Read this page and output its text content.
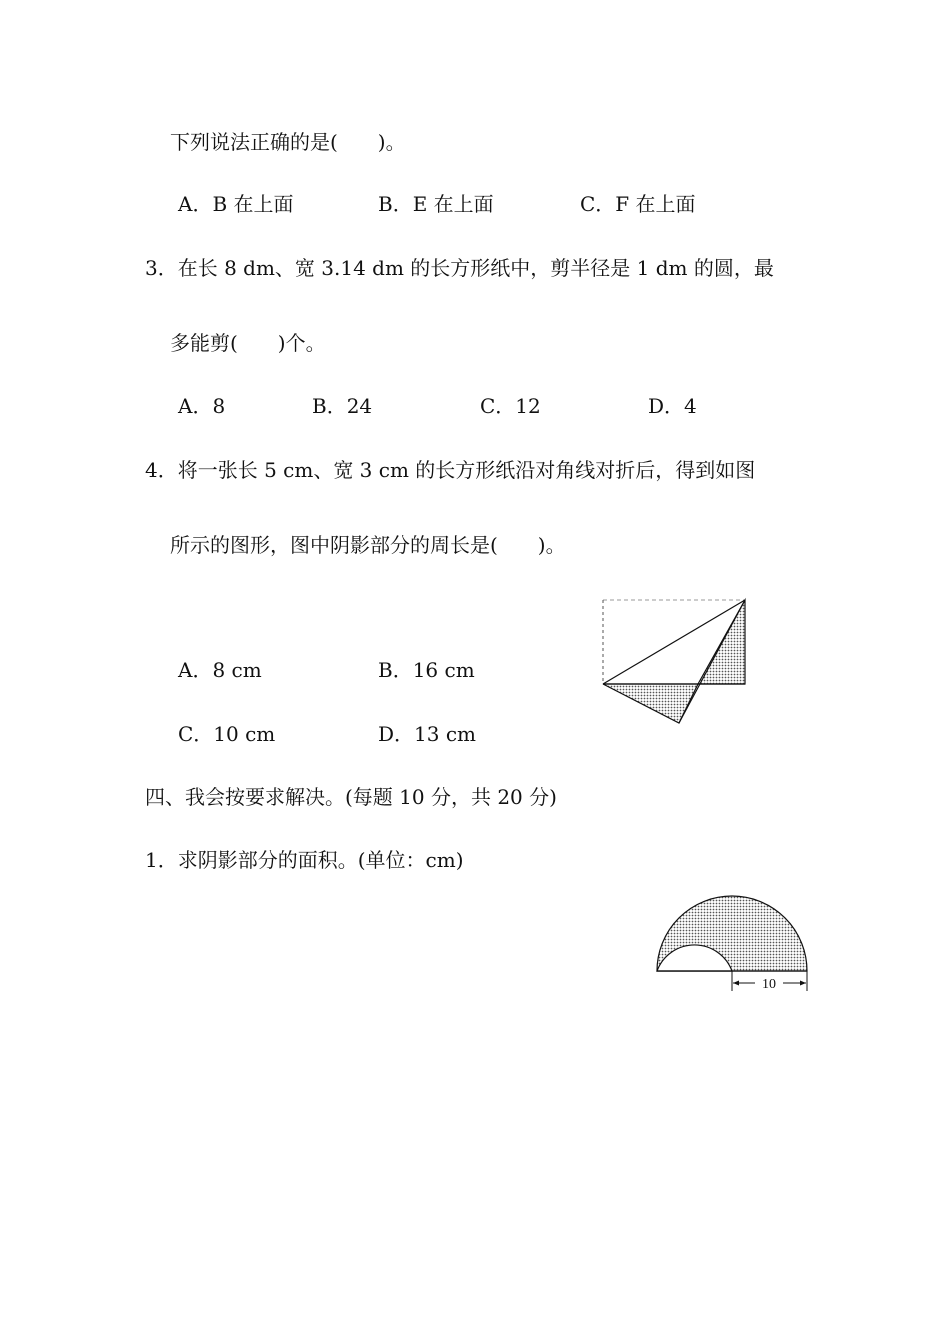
下列说法正确的是(　　)。
A．B 在上面	B．E 在上面	C．F 在上面
3．在长 8 dm、宽 3.14 dm 的长方形纸中，剪半径是 1 dm 的圆，最
多能剪(　　)个。
A．8	B．24	C．12	D．4
4．将一张长 5 cm、宽 3 cm 的长方形纸沿对角线对折后，得到如图
所示的图形，图中阴影部分的周长是(　　)。
A．8 cm	B．16 cm
C．10 cm	D．13 cm
四、我会按要求解决。(每题 10 分，共 20 分)
1．求阴影部分的面积。(单位：cm)
10
